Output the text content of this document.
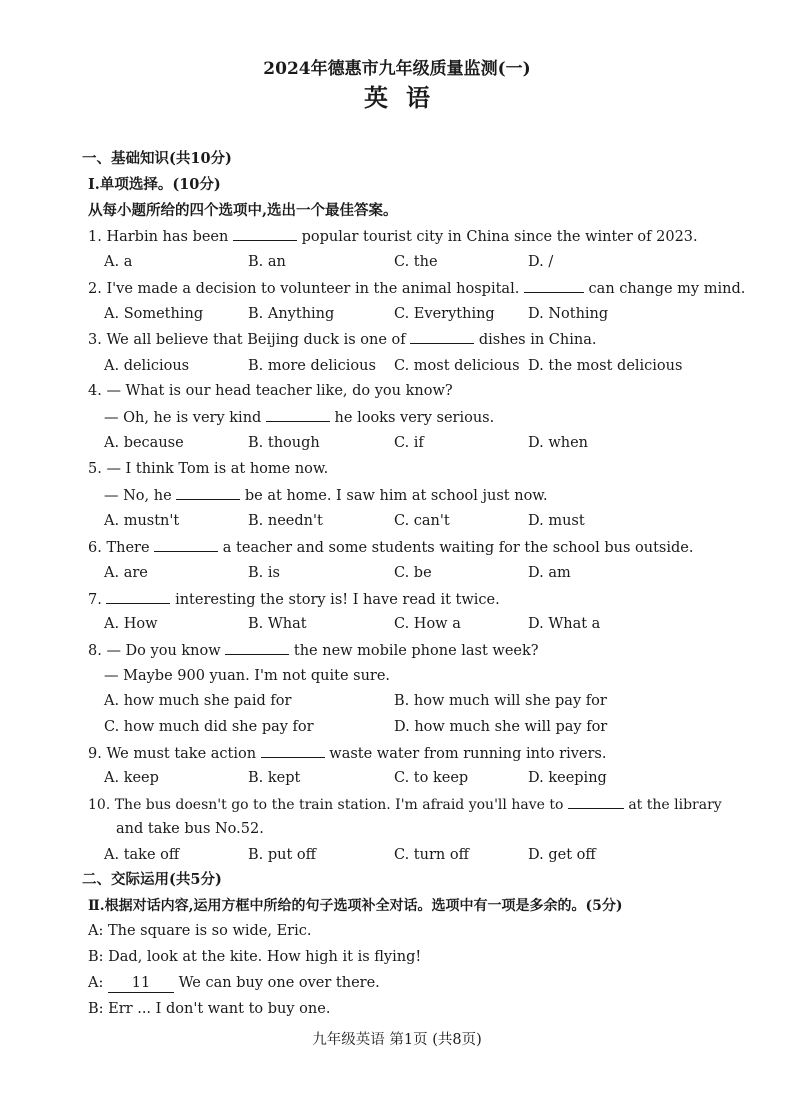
2024年德惠市九年级质量监测(一)
英语
一、基础知识(共10分)
Ⅰ.单项选择。(10分)
从每小题所给的四个选项中,选出一个最佳答案。
1. Harbin has been	popular tourist city in China since the winter of 2023.
A. a	B. an	C. the	D. /
2. I've made a decision to volunteer in the animal hospital.	can change my mind.
A. Something	B. Anything	C. Everything D. Nothing
3. We all believe that Beijing duck is one of	dishes in China.
A. delicious	B. more delicious C. most delicious D. the most delicious
4. — What is our head teacher like, do you know?
— Oh, he is very kind	he looks very serious.
A. because	B. though	C. if	D. when
5. — I think Tom is at home now.
— No, he	be at home. I saw him at school just now.
A. mustn't	B. needn't	C. can't	D. must
6. There	a teacher and some students waiting for the school bus outside.
A. are	B. is	C. be	D. am
7.	interesting the story is! I have read it twice.
A. How	B. What	C. How a	D. What a
8. — Do you know	the new mobile phone last week?
— Maybe 900 yuan. I'm not quite sure.
A. how much she paid for	B. how much will she pay for
C. how much did she pay for	D. how much she will pay for
9. We must take action	waste water from running into rivers.
A. keep	B. kept	C. to keep	D. keeping
10. The bus doesn't go to the train station. I'm afraid you'll have to	at the library
and take bus No.52.
A. take off	B. put off	C. turn off	D. get off
二、交际运用(共5分)
Ⅱ.根据对话内容,运用方框中所给的句子选项补全对话。选项中有一项是多余的。(5分)
A: The square is so wide, Eric.
B: Dad, look at the kite. How high it is flying!
A: 11 We can buy one over there.
B: Err ... I don't want to buy one.
九年级英语 第1页 (共8页)
